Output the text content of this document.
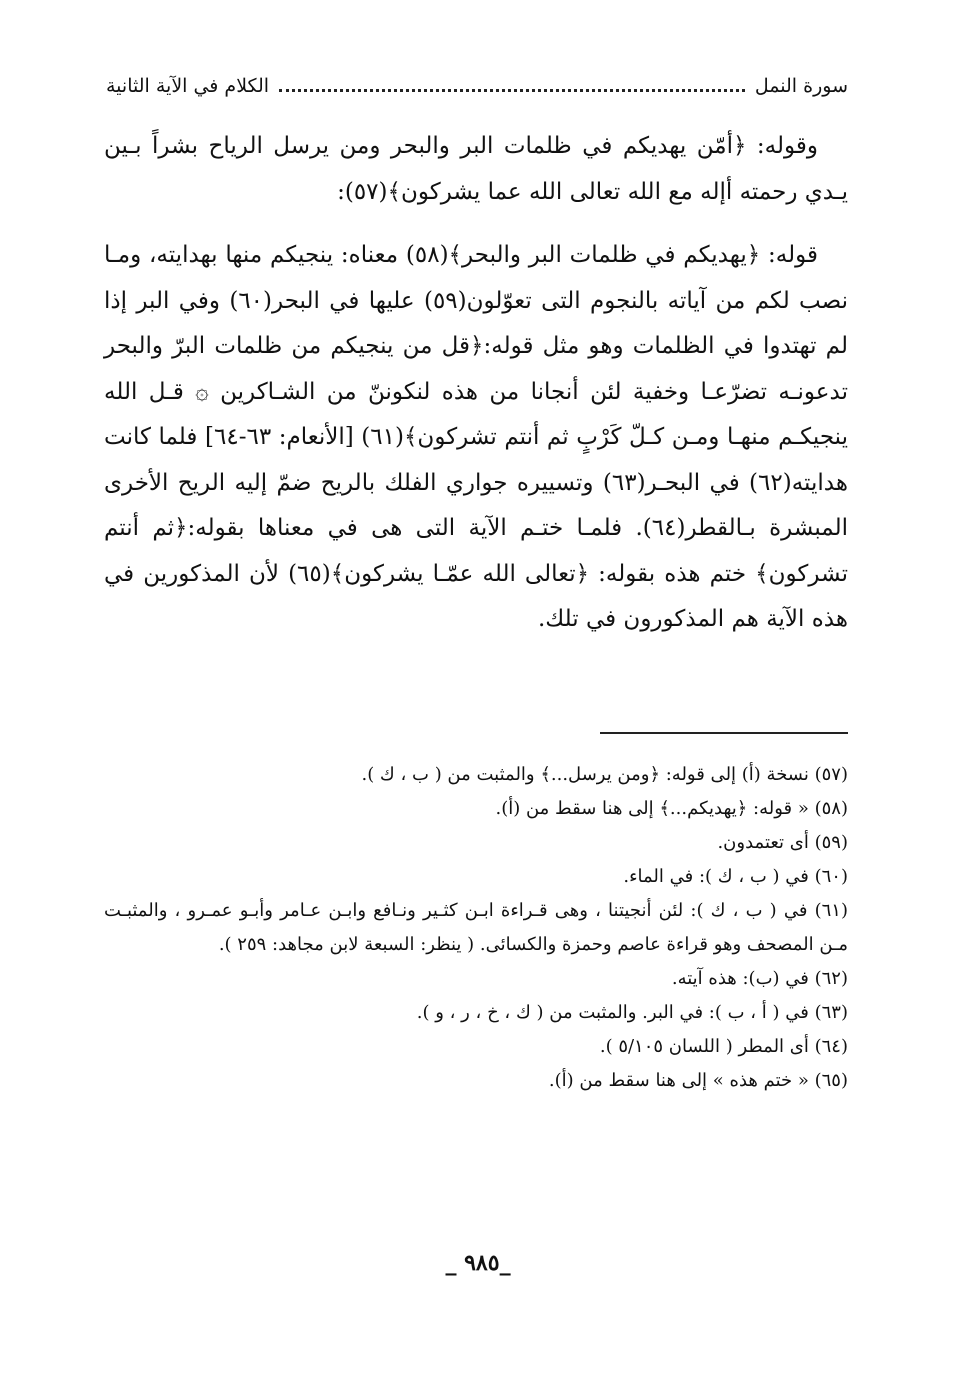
سورة النمل
الكلام في الآية الثانية

وقوله: ﴿أمّن يهديكم في ظلمات البر والبحر ومن يرسل الرياح بشراً بـين يـدي رحمته أإله مع الله تعالى الله عما يشركون﴾(٥٧):

قوله: ﴿يهديكم في ظلمات البر والبحر﴾(٥٨) معناه: ينجيكم منها بهدايته، ومـا نصب لكم من آياته بالنجوم التى تعوّلون(٥٩) عليها في البحر(٦٠) وفي البر إذا لم تهتدوا في الظلمات وهو مثل قوله:﴿قل من ينجيكم من ظلمات البرّ والبحر تدعونـه تضرّعـا وخفية لئن أنجانا من هذه لنكوننّ من الشـاكرين ۞ قـل الله ينجيكـم منهـا ومـن كـلّ كَرْبٍ ثم أنتم تشركون﴾(٦١) [الأنعام: ٦٣-٦٤] فلما كانت هدايته(٦٢) في البحـر(٦٣) وتسييره جواري الفلك بالريح ضمّ إليه الريح الأخرى المبشرة بـالقطر(٦٤). فلمـا ختـم الآية التى هى في معناها بقوله:﴿ثم أنتم تشركون﴾ ختم هذه بقوله: ﴿تعالى الله عمّـا يشركون﴾(٦٥) لأن المذكورين في هذه الآية هم المذكورون في تلك.

(٥٧) نسخة (أ) إلى قوله: ﴿ومن يرسل...﴾ والمثبت من ( ب ، ك ).

(٥٨) « قوله: ﴿يهديكم...﴾ إلى هنا سقط من (أ).

(٥٩) أى تعتمدون.

(٦٠) في ( ب ، ك ): في الماء.

(٦١) في ( ب ، ك ): لئن أنجيتنا ، وهى قـراءة ابـن كثـير ونـافع وابـن عـامر وأبـو عمـرو ، والمثبـت مـن المصحف وهو قراءة عاصم وحمزة والكسائى. ( ينظر: السبعة لابن مجاهد: ٢٥٩ ).

(٦٢) في (ب): هذه آيته.

(٦٣) في ( أ ، ب ): في البر. والمثبت من ( ك ، خ ، ر ، و ).

(٦٤) أى المطر ( اللسان ٥/١٠٥ ).

(٦٥) « ختم هذه » إلى هنا سقط من (أ).

_٩٨٥ _
